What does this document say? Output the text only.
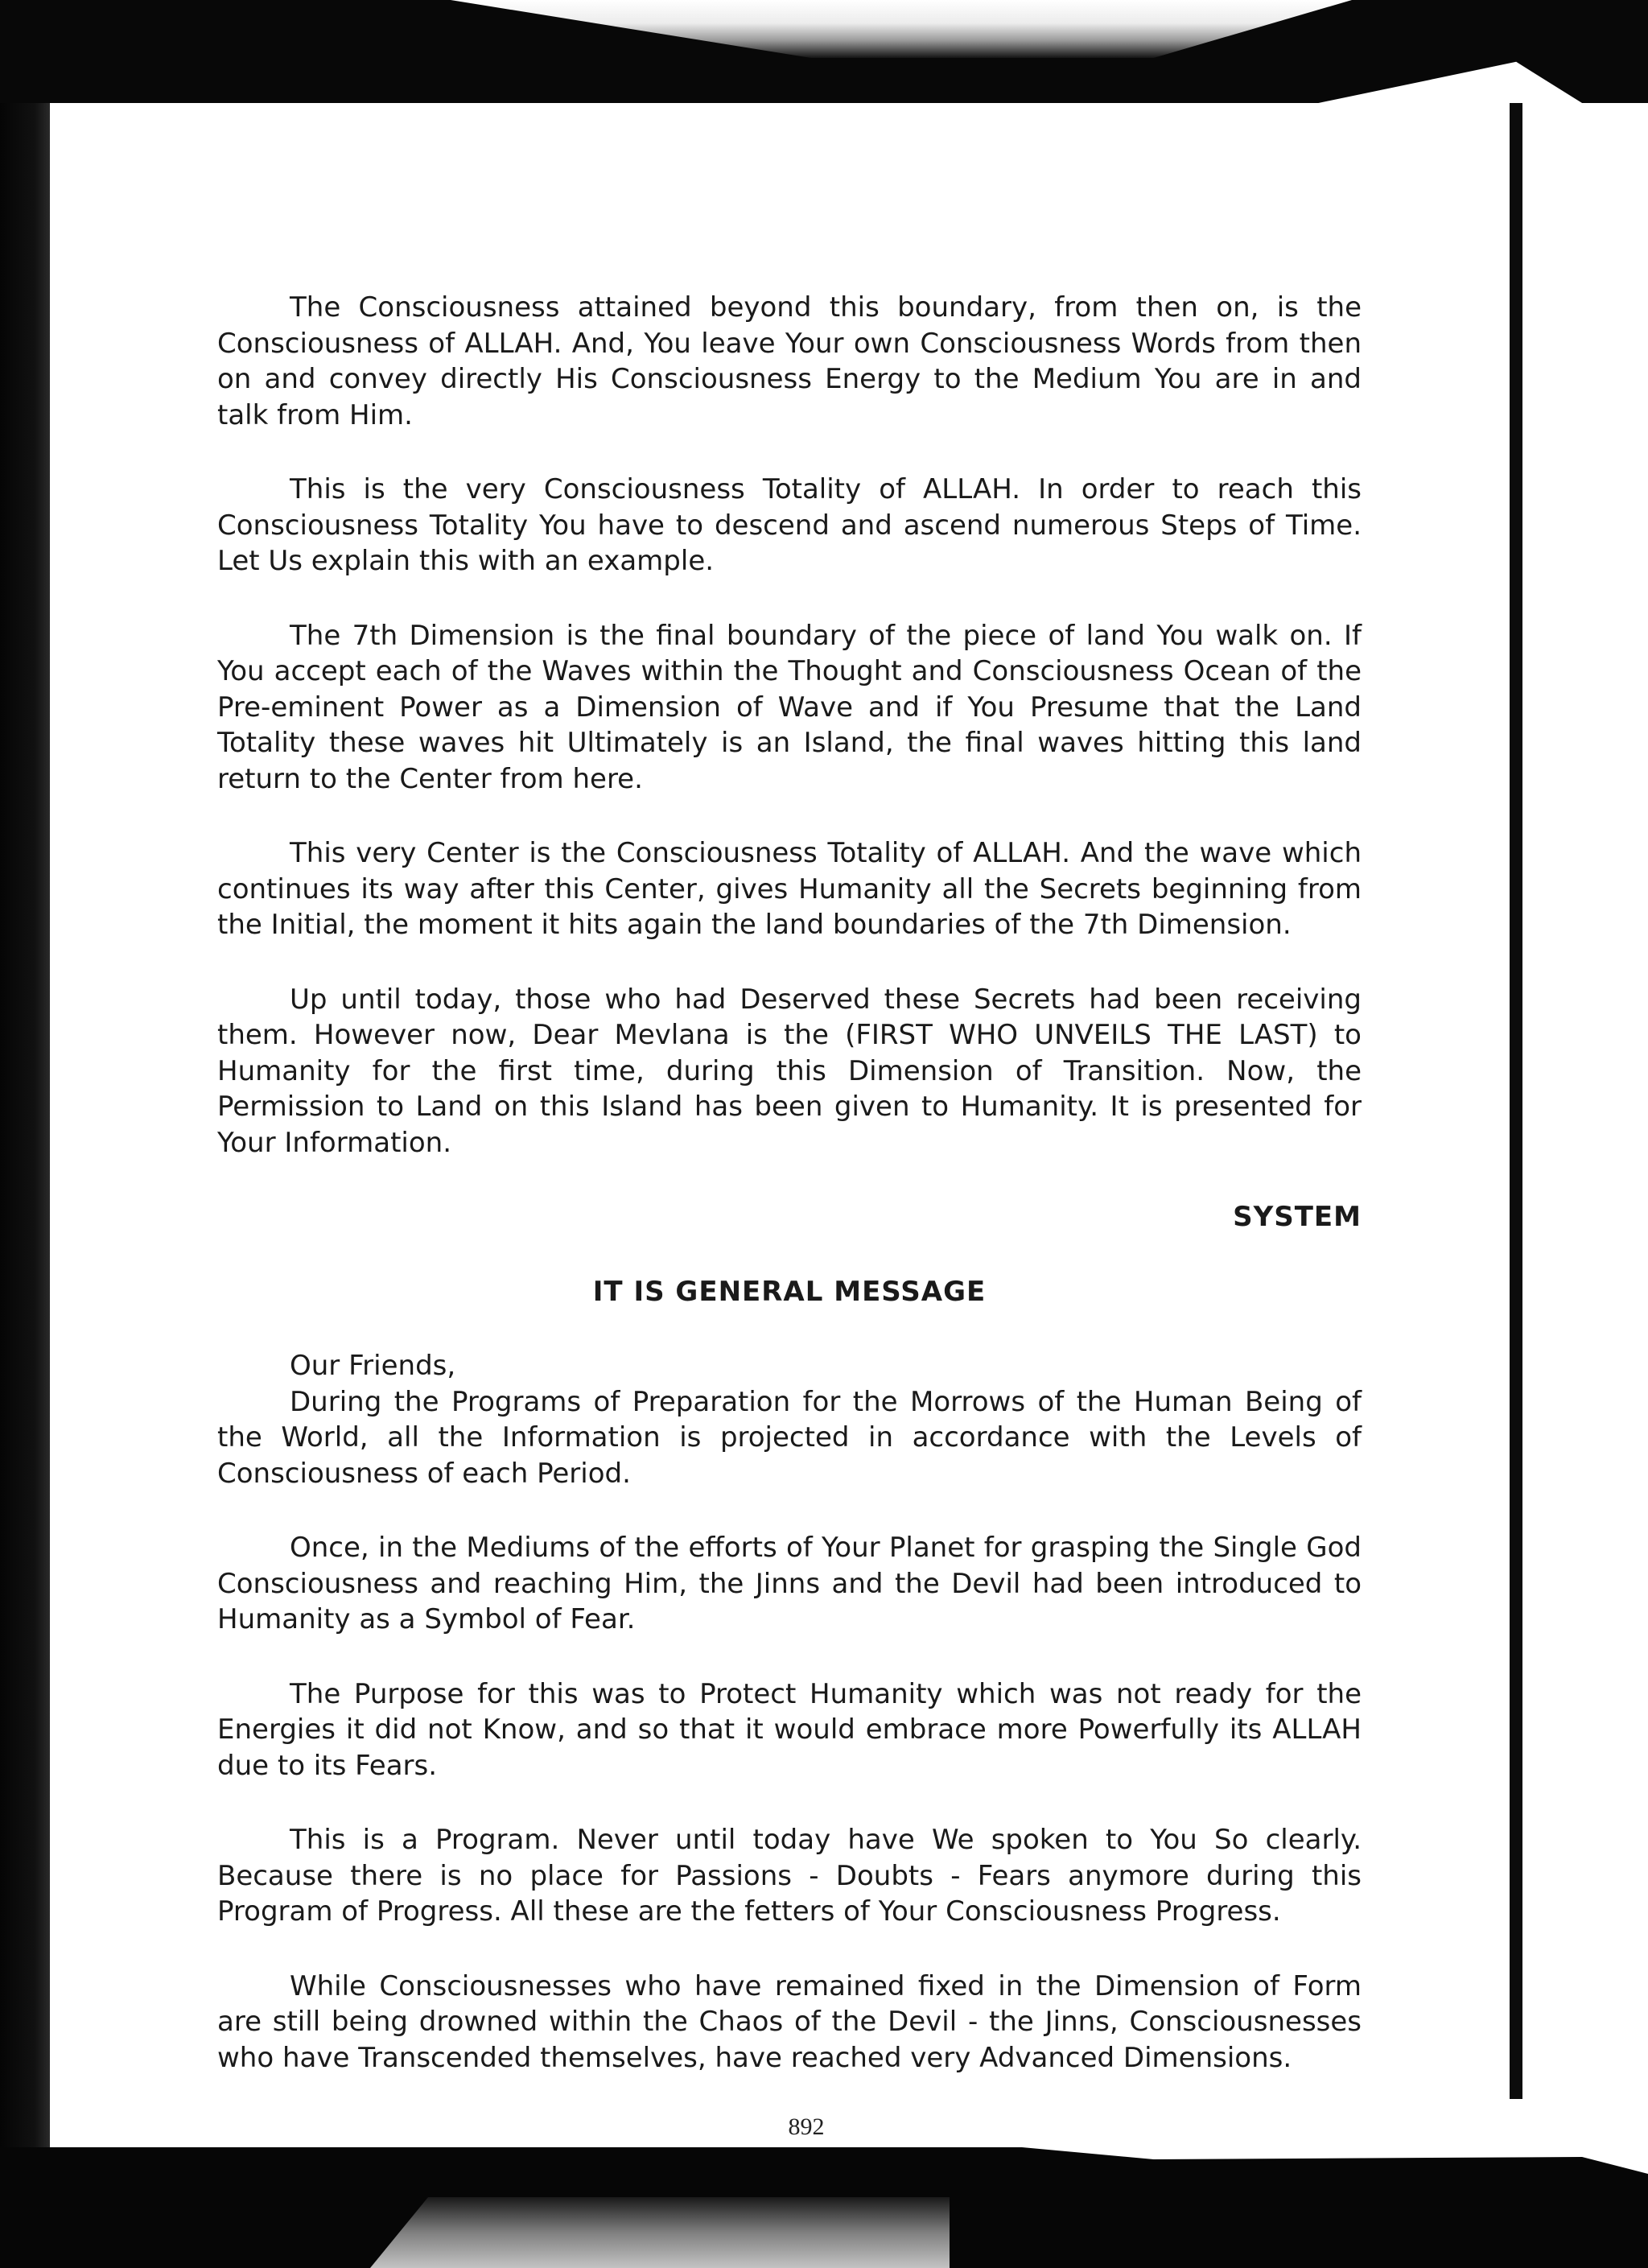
The Consciousness attained beyond this boundary, from then on, is the Consciousness of ALLAH. And, You leave Your own Consciousness Words from then on and convey directly His Consciousness Energy to the Medium You are in and talk from Him.

This is the very Consciousness Totality of ALLAH. In order to reach this Consciousness Totality You have to descend and ascend numerous Steps of Time. Let Us explain this with an example.

The 7th Dimension is the final boundary of the piece of land You walk on. If You accept each of the Waves within the Thought and Consciousness Ocean of the Pre-eminent Power as a Dimension of Wave and if You Presume that the Land Totality these waves hit Ultimately is an Island, the final waves hitting this land return to the Center from here.

This very Center is the Consciousness Totality of ALLAH. And the wave which continues its way after this Center, gives Humanity all the Secrets beginning from the Initial, the moment it hits again the land boundaries of the 7th Dimension.

Up until today, those who had Deserved these Secrets had been receiving them. However now, Dear Mevlana is the (FIRST WHO UNVEILS THE LAST) to Humanity for the first time, during this Dimension of Transition. Now, the Permission to Land on this Island has been given to Humanity. It is presented for Your Information.

SYSTEM
IT IS GENERAL MESSAGE

Our Friends,

During the Programs of Preparation for the Morrows of the Human Being of the World, all the Information is projected in accordance with the Levels of Consciousness of each Period.

Once, in the Mediums of the efforts of Your Planet for grasping the Single God Consciousness and reaching Him, the Jinns and the Devil had been introduced to Humanity as a Symbol of Fear.

The Purpose for this was to Protect Humanity which was not ready for the Energies it did not Know, and so that it would embrace more Powerfully its ALLAH due to its Fears.

This is a Program. Never until today have We spoken to You So clearly. Because there is no place for Passions - Doubts - Fears anymore during this Program of Progress. All these are the fetters of Your Consciousness Progress.

While Consciousnesses who have remained fixed in the Dimension of Form are still being drowned within the Chaos of the Devil - the Jinns, Consciousnesses who have Transcended themselves, have reached very Advanced Dimensions.

892
